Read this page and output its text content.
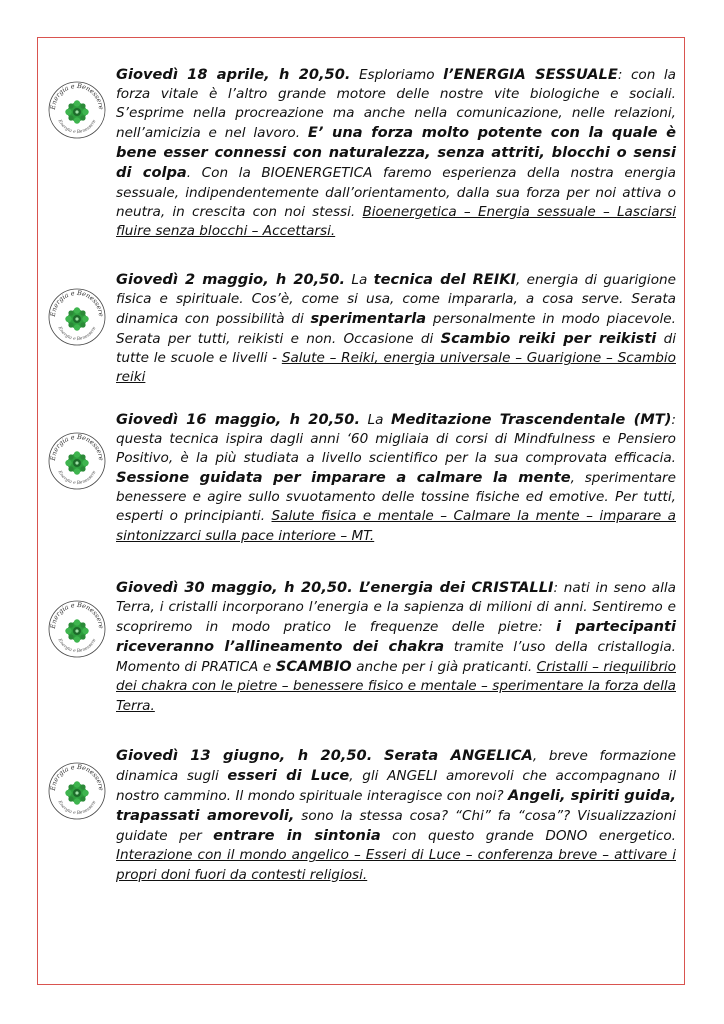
Energia e Benessere
Energia e Benessere
Giovedì 18 aprile, h 20,50. Esploriamo l’ENERGIA SESSUALE: con la forza vitale è l’altro grande motore delle nostre vite biologiche e sociali. S’esprime nella procreazione ma anche nella comunicazione, nelle relazioni, nell’amicizia e nel lavoro. E’ una forza molto potente con la quale è bene esser connessi con naturalezza, senza attriti, blocchi o sensi di colpa. Con la BIOENERGETICA faremo esperienza della nostra energia sessuale, indipendentemente dall’orientamento, dalla sua forza per noi attiva o neutra, in crescita con noi stessi. Bioenergetica – Energia sessuale – Lasciarsi fluire senza blocchi – Accettarsi.
Energia e Benessere
Energia e Benessere
Giovedì 2 maggio, h 20,50. La tecnica del REIKI, energia di guarigione fisica e spirituale. Cos’è, come si usa, come impararla, a cosa serve. Serata dinamica con possibilità di sperimentarla personalmente in modo piacevole. Serata per tutti, reikisti e non. Occasione di Scambio reiki per reikisti di tutte le scuole e livelli - Salute – Reiki, energia universale – Guarigione – Scambio reiki
Energia e Benessere
Energia e Benessere
Giovedì 16 maggio, h 20,50. La Meditazione Trascendentale (MT): questa tecnica ispira dagli anni ‘60 migliaia di corsi di Mindfulness e Pensiero Positivo, è la più studiata a livello scientifico per la sua comprovata efficacia. Sessione guidata per imparare a calmare la mente, sperimentare benessere e agire sullo svuotamento delle tossine fisiche ed emotive. Per tutti, esperti o principianti. Salute fisica e mentale – Calmare la mente – imparare a sintonizzarci sulla pace interiore – MT.
Energia e Benessere
Energia e Benessere
Giovedì 30 maggio, h 20,50. L’energia dei CRISTALLI: nati in seno alla Terra, i cristalli incorporano l’energia e la sapienza di milioni di anni. Sentiremo e scopriremo in modo pratico le frequenze delle pietre: i partecipanti riceveranno l’allineamento dei chakra tramite l’uso della cristallogia. Momento di PRATICA e SCAMBIO anche per i già praticanti. Cristalli – riequilibrio dei chakra con le pietre – benessere fisico e mentale – sperimentare la forza della Terra.
Energia e Benessere
Energia e Benessere
Giovedì 13 giugno, h 20,50. Serata ANGELICA, breve formazione dinamica sugli esseri di Luce, gli ANGELI amorevoli che accompagnano il nostro cammino. Il mondo spirituale interagisce con noi? Angeli, spiriti guida, trapassati amorevoli, sono la stessa cosa? “Chi” fa “cosa”? Visualizzazioni guidate per entrare in sintonia con questo grande DONO energetico. Interazione con il mondo angelico – Esseri di Luce – conferenza breve – attivare i propri doni fuori da contesti religiosi.
